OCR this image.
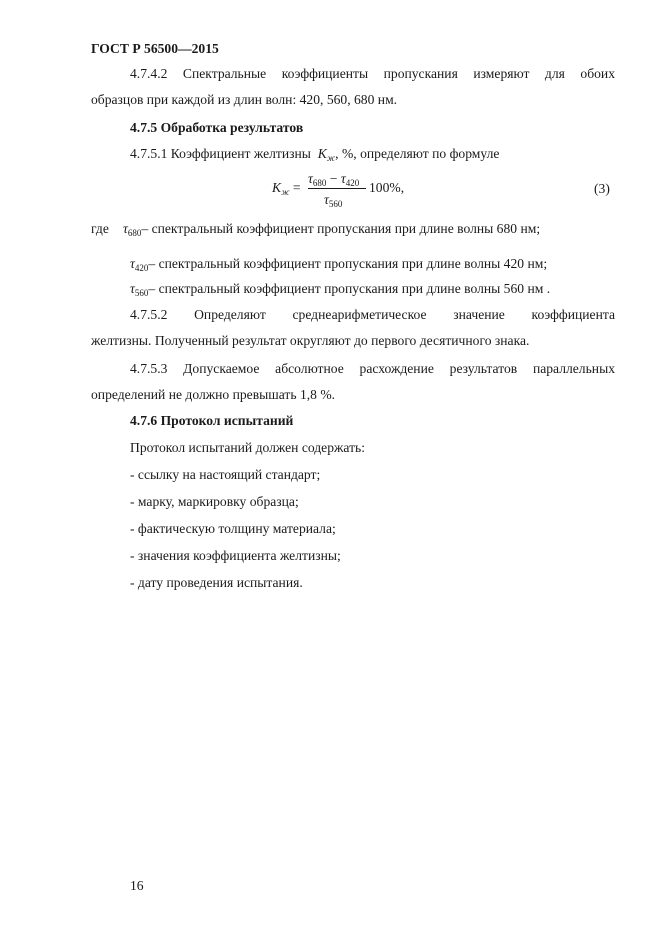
ГОСТ Р 56500—2015
4.7.4.2 Спектральные коэффициенты пропускания измеряют для обоих
образцов при каждой из длин волн: 420, 560, 680 нм.
4.7.5 Обработка результатов
4.7.5.1 Коэффициент желтизны $K_ж$, %, определяют по формуле
$K_ж$ =
$\tau_{680} - \tau_{420}$
$\tau_{560}$
100%,	(3)
где $\tau_{680}-$ спектральный коэффициент пропускания при длине волны 680 нм;
$\tau_{420}-$ спектральный коэффициент пропускания при длине волны 420 нм;
$\tau_{560}-$ спектральный коэффициент пропускания при длине волны 560 нм .
4.7.5.2 Определяют среднеарифметическое значение коэффициента
желтизны. Полученный результат округляют до первого десятичного знака.
4.7.5.3 Допускаемое абсолютное расхождение результатов параллельных
определений не должно превышать 1,8 %.
4.7.6 Протокол испытаний
Протокол испытаний должен содержать:
- ссылку на настоящий стандарт;
- марку, маркировку образца;
- фактическую толщину материала;
- значения коэффициента желтизны;
- дату проведения испытания.
16
